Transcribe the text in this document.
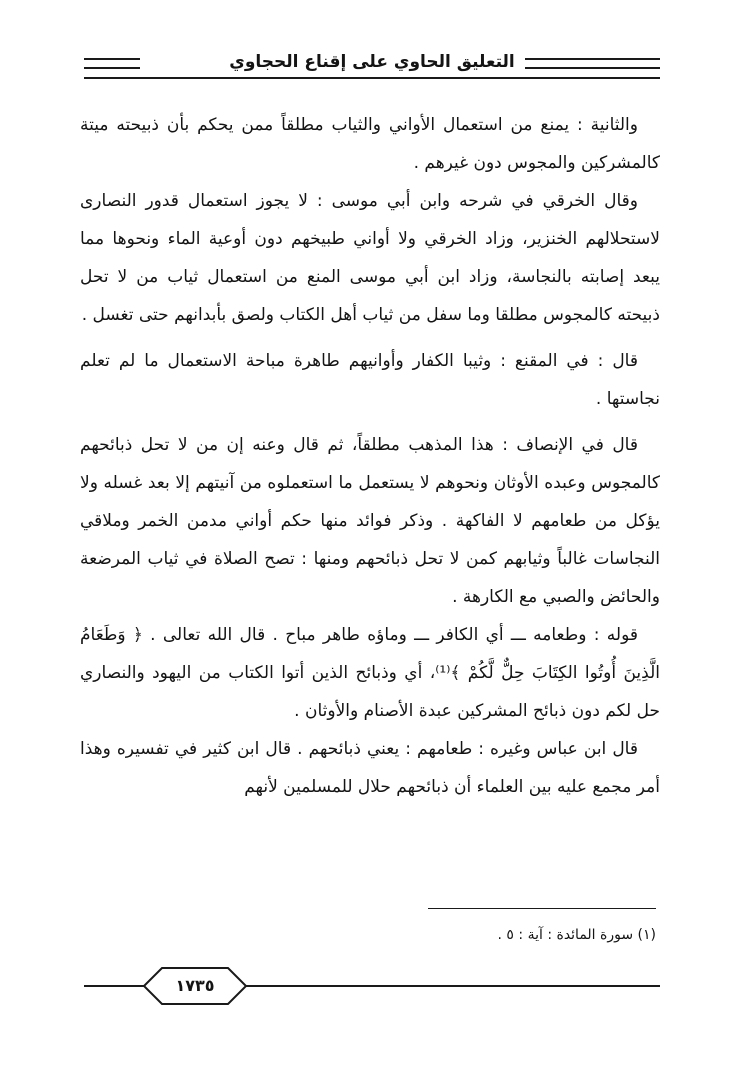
التعليق الحاوي على إقناع الحجاوي

والثانية : يمنع من استعمال الأواني والثياب مطلقاً ممن يحكم بأن ذبيحته ميتة كالمشركين والمجوس دون غيرهم .

وقال الخرقي في شرحه وابن أبي موسى : لا يجوز استعمال قدور النصارى لاستحلالهم الخنزير، وزاد الخرقي ولا أواني طبيخهم دون أوعية الماء ونحوها مما يبعد إصابته بالنجاسة، وزاد ابن أبي موسى المنع من استعمال ثياب من لا تحل ذبيحته كالمجوس مطلقا وما سفل من ثياب أهل الكتاب ولصق بأبدانهم حتى تغسل .

قال : في المقنع : وثيبا الكفار وأوانيهم طاهرة مباحة الاستعمال ما لم تعلم نجاستها .

قال في الإنصاف : هذا المذهب مطلقاً، ثم قال وعنه إن من لا تحل ذبائحهم كالمجوس وعبده الأوثان ونحوهم لا يستعمل ما استعملوه من آنيتهم إلا بعد غسله ولا يؤكل من طعامهم لا الفاكهة . وذكر فوائد منها حكم أواني مدمن الخمر وملاقي النجاسات غالباً وثيابهم كمن لا تحل ذبائحهم ومنها : تصح الصلاة في ثياب المرضعة والحائض والصبي مع الكارهة .

قوله : وطعامه ـــ أي الكافر ـــ وماؤه طاهر مباح . قال الله تعالى . ﴿ وَطَعَامُ الَّذِينَ أُوتُوا الكِتَابَ حِلٌّ لَّكُمْ ﴾⁽¹⁾، أي وذبائح الذين أتوا الكتاب من اليهود والنصاري حل لكم دون ذبائح المشركين عبدة الأصنام والأوثان .

قال ابن عباس وغيره : طعامهم : يعني ذبائحهم . قال ابن كثير في تفسيره وهذا أمر مجمع عليه بين العلماء أن ذبائحهم حلال للمسلمين لأنهم

(١) سورة المائدة : آية : ٥ .
١٧٣٥
